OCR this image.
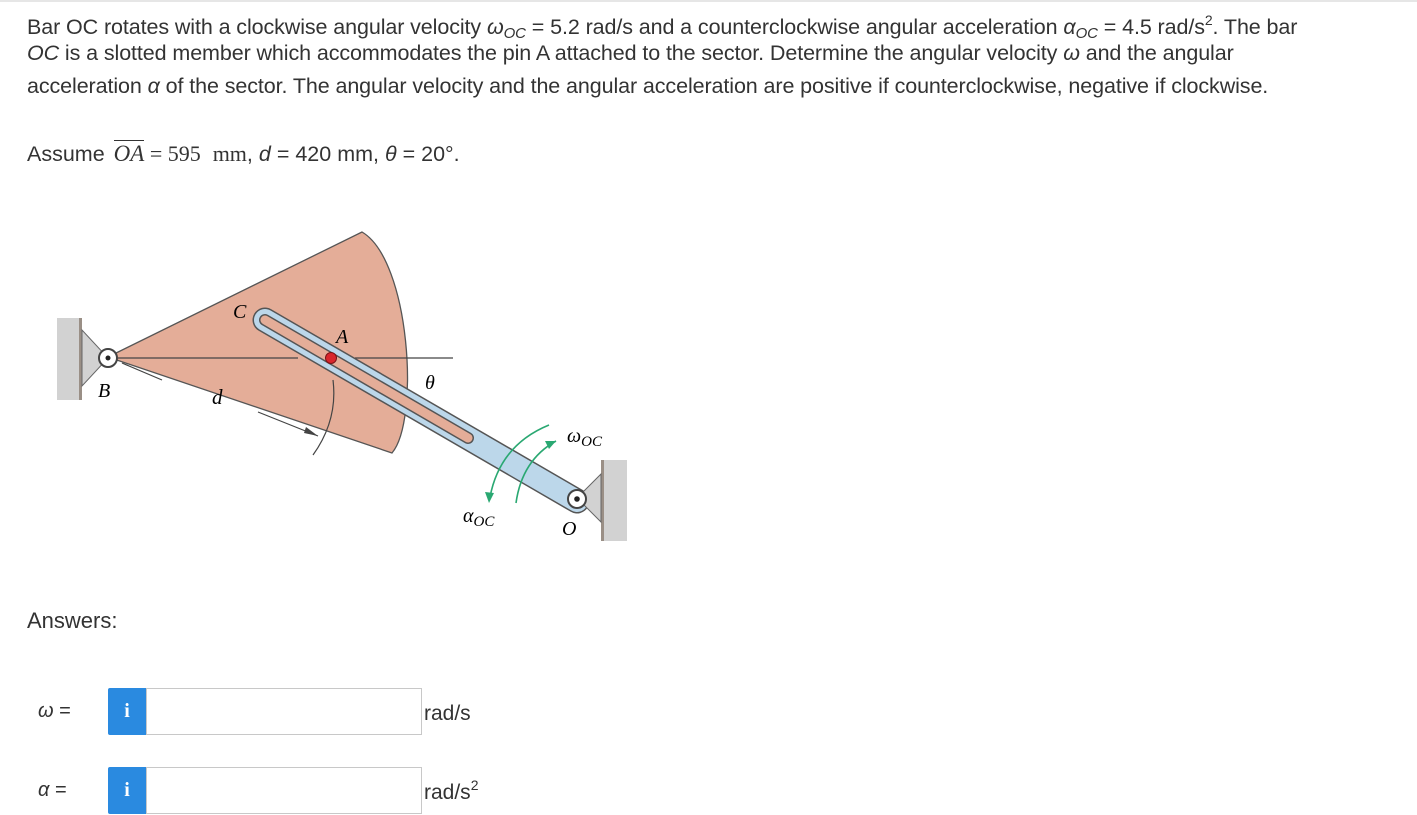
Bar OC rotates with a clockwise angular velocity $\omega_{OC} = 5.2$ rad/s and a counterclockwise angular acceleration $\alpha_{OC} = 4.5$ rad/$s^2$. The bar
OC is a slotted member which accommodates the pin A attached to the sector. Determine the angular velocity ω and the angular
acceleration α of the sector. The angular velocity and the angular acceleration are positive if counterclockwise, negative if clockwise.
Assume OA = 595 mm, d = 420 mm, θ = 20°.
B
C
A
d
θ
$\omega_{OC}$
$\alpha_{OC}$	O
Answers:
ω =	i	rad/s
α =	i	rad/$s^2$
